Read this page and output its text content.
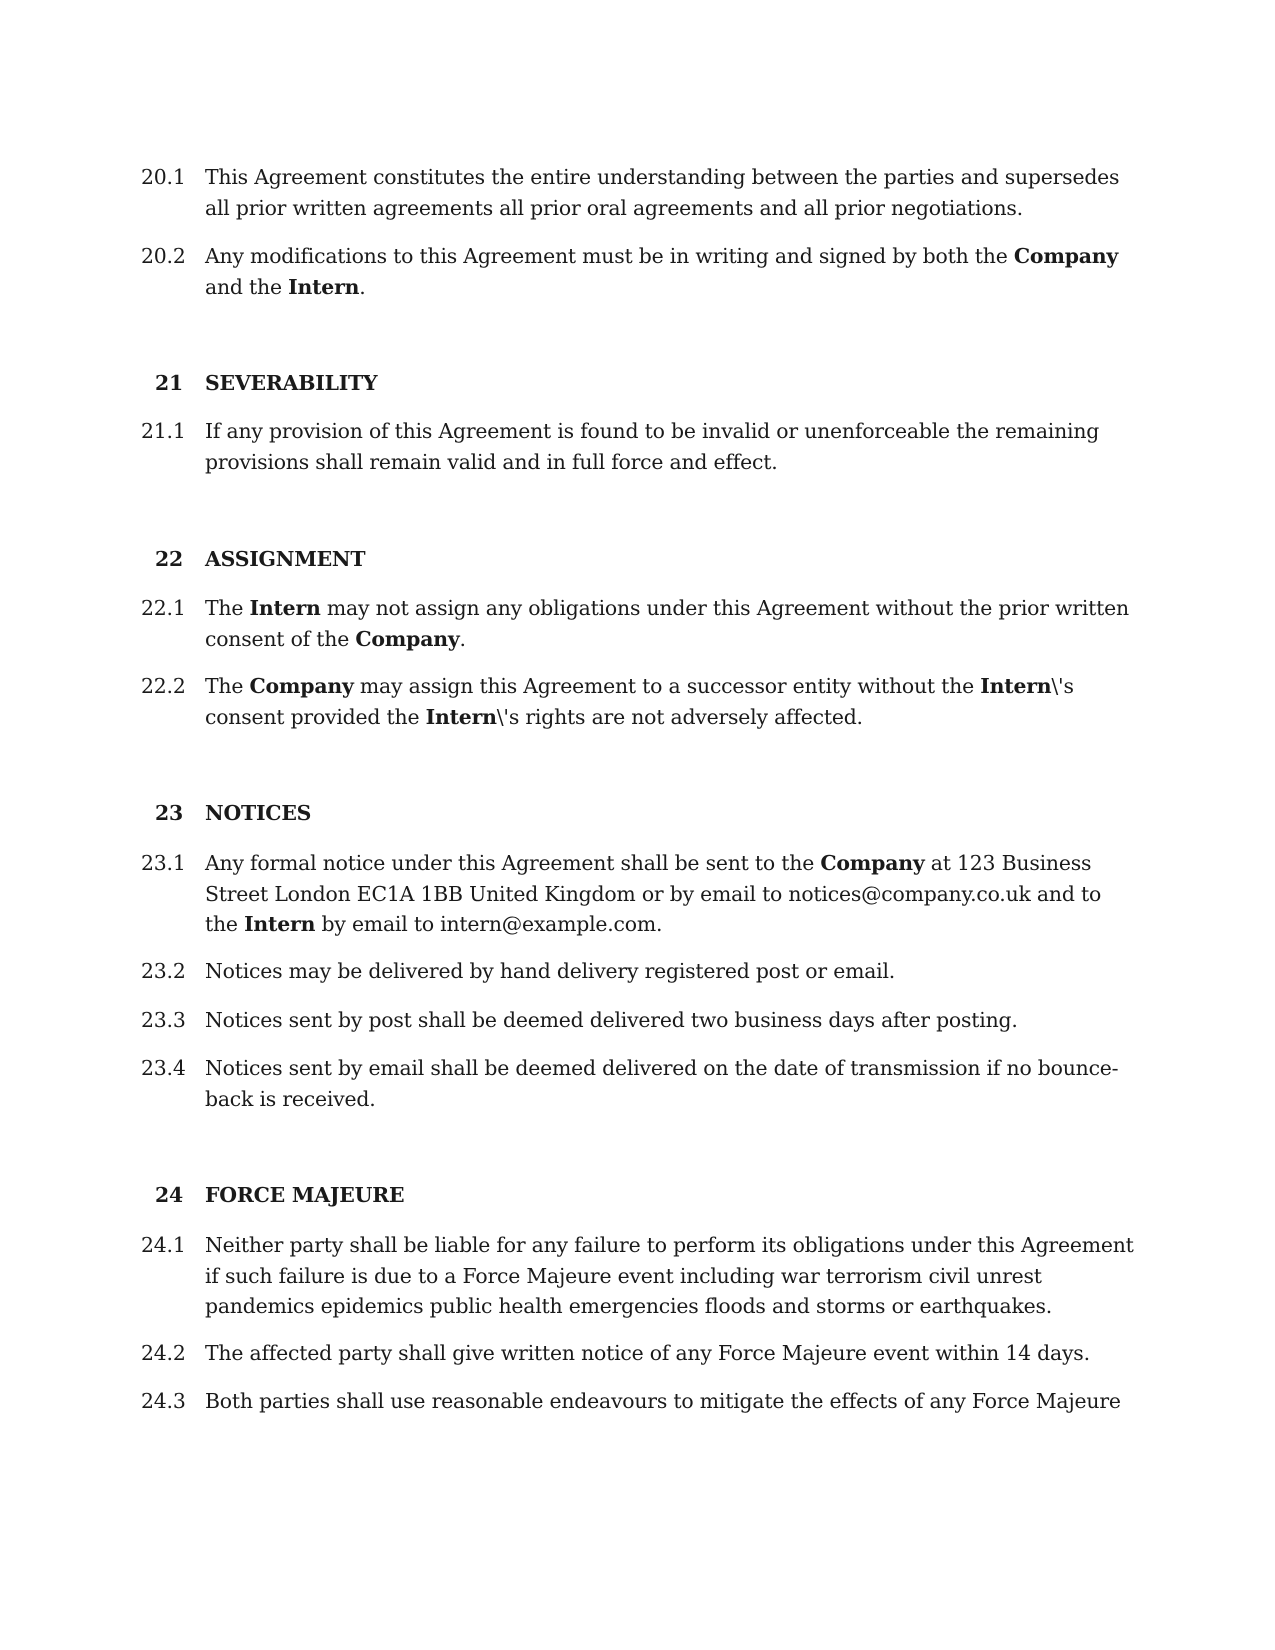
20.1 This Agreement constitutes the entire understanding between the parties and supersedes all prior written agreements all prior oral agreements and all prior negotiations.
20.2 Any modifications to this Agreement must be in writing and signed by both the Company and the Intern.
21 SEVERABILITY
21.1 If any provision of this Agreement is found to be invalid or unenforceable the remaining provisions shall remain valid and in full force and effect.
22 ASSIGNMENT
22.1 The Intern may not assign any obligations under this Agreement without the prior written consent of the Company.
22.2 The Company may assign this Agreement to a successor entity without the Intern\'s consent provided the Intern\'s rights are not adversely affected.
23 NOTICES
23.1 Any formal notice under this Agreement shall be sent to the Company at 123 Business Street London EC1A 1BB United Kingdom or by email to notices@company.co.uk and to the Intern by email to intern@example.com.
23.2 Notices may be delivered by hand delivery registered post or email.
23.3 Notices sent by post shall be deemed delivered two business days after posting.
23.4 Notices sent by email shall be deemed delivered on the date of transmission if no bounce-back is received.
24 FORCE MAJEURE
24.1 Neither party shall be liable for any failure to perform its obligations under this Agreement if such failure is due to a Force Majeure event including war terrorism civil unrest pandemics epidemics public health emergencies floods and storms or earthquakes.
24.2 The affected party shall give written notice of any Force Majeure event within 14 days.
24.3 Both parties shall use reasonable endeavours to mitigate the effects of any Force Majeure
